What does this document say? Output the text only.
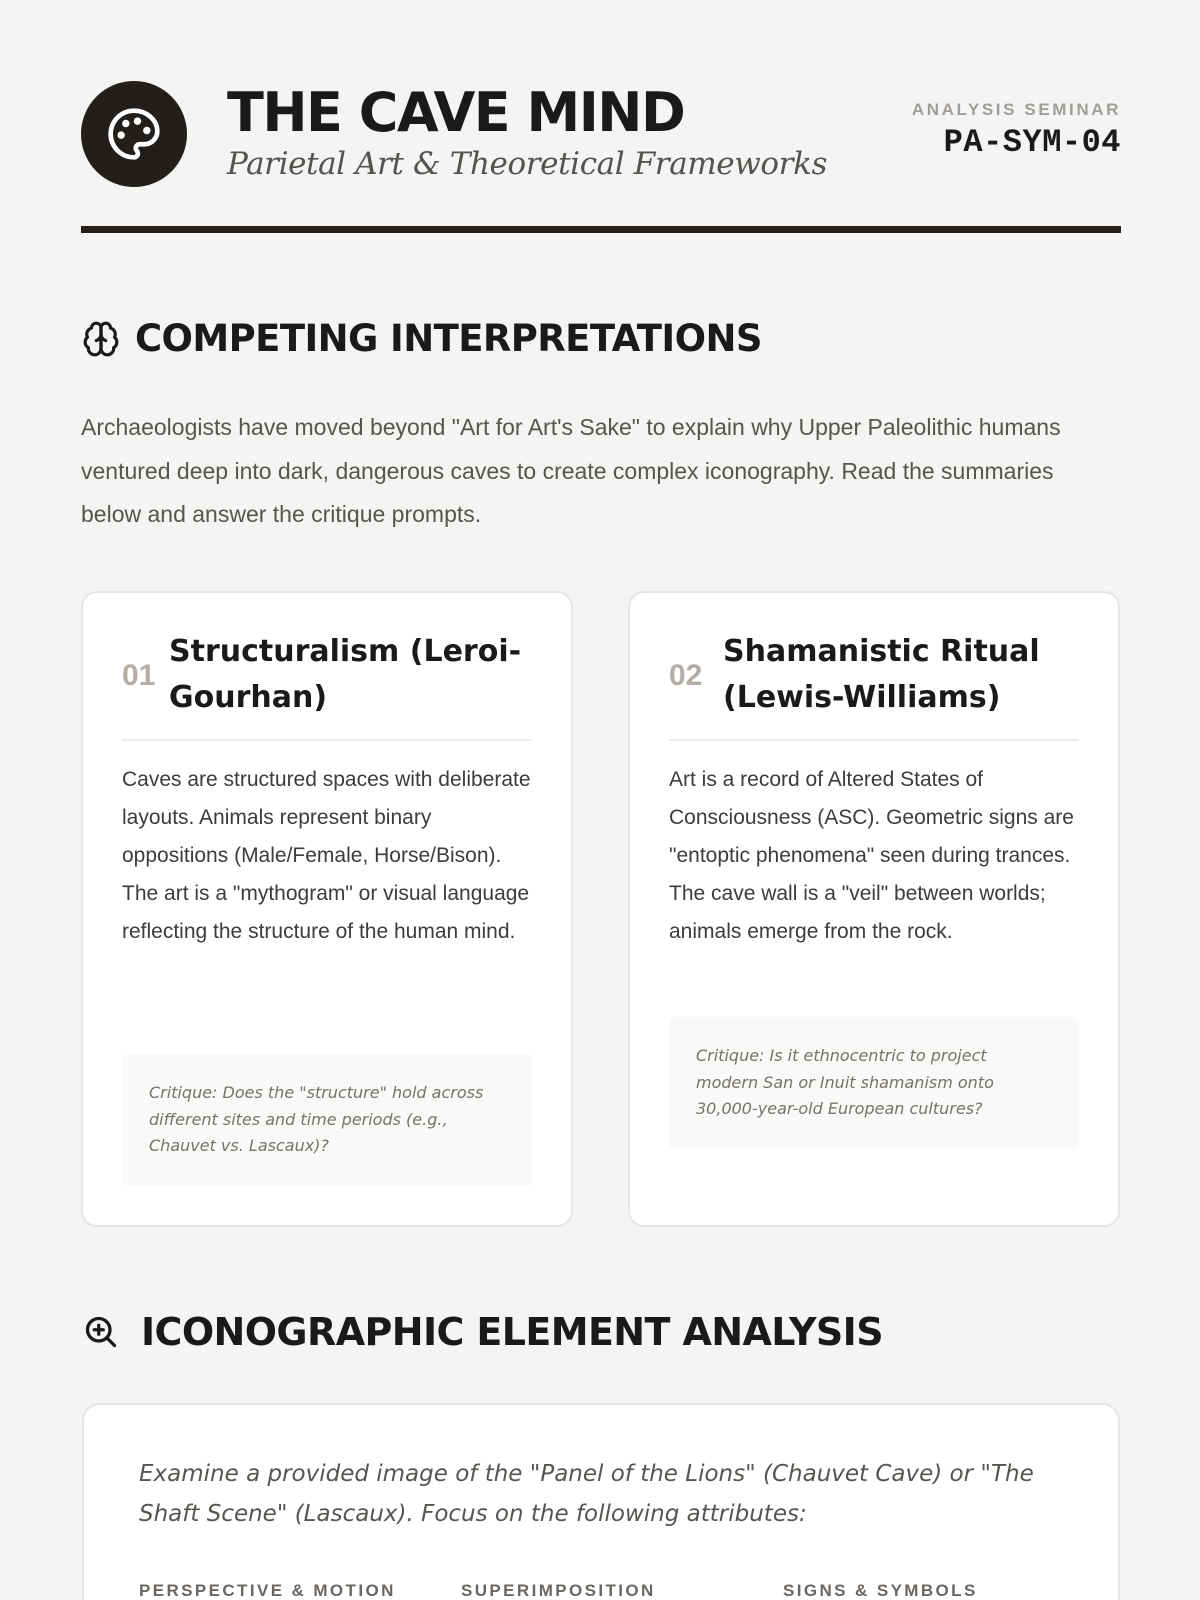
THE CAVE MIND
Parietal Art & Theoretical Frameworks
ANALYSIS SEMINAR
PA-SYM-04
COMPETING INTERPRETATIONS

Archaeologists have moved beyond "Art for Art's Sake" to explain why Upper Paleolithic humans ventured deep into dark, dangerous caves to create complex iconography. Read the summaries below and answer the critique prompts.

01
Structuralism (Leroi-Gourhan)
Caves are structured spaces with deliberate layouts. Animals represent binary oppositions (Male/Female, Horse/Bison). The art is a "mythogram" or visual language reflecting the structure of the human mind.
Critique: Does the "structure" hold across different sites and time periods (e.g., Chauvet vs. Lascaux)?
02
Shamanistic Ritual (Lewis-Williams)
Art is a record of Altered States of Consciousness (ASC). Geometric signs are "entoptic phenomena" seen during trances. The cave wall is a "veil" between worlds; animals emerge from the rock.
Critique: Is it ethnocentric to project modern San or Inuit shamanism onto 30,000-year-old European cultures?
ICONOGRAPHIC ELEMENT ANALYSIS

Examine a provided image of the "Panel of the Lions" (Chauvet Cave) or "The Shaft Scene" (Lascaux). Focus on the following attributes:

PERSPECTIVE & MOTION	SUPERIMPOSITION	SIGNS & SYMBOLS
